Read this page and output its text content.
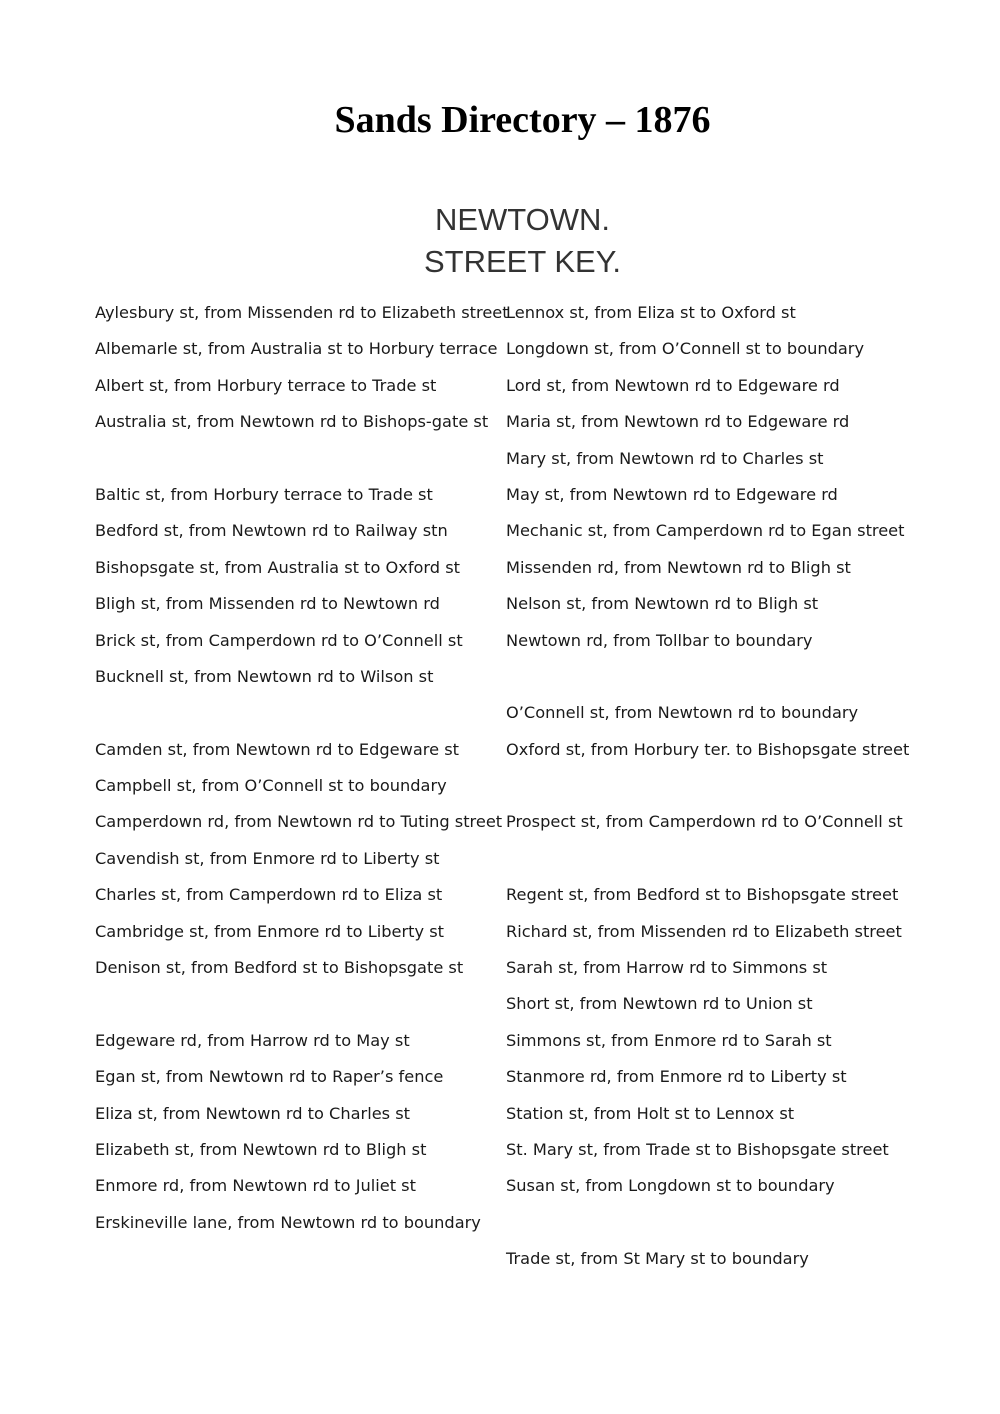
Sands Directory – 1876
NEWTOWN.
STREET KEY.
Aylesbury st, from Missenden rd to Elizabeth street
Albemarle st, from Australia st to Horbury terrace
Albert st, from Horbury terrace to Trade st
Australia st, from Newtown rd to Bishops-gate st
Baltic st, from Horbury terrace to Trade st
Bedford st, from Newtown rd to Railway stn
Bishopsgate st, from Australia st to Oxford st
Bligh st, from Missenden rd to Newtown rd
Brick st, from Camperdown rd to O’Connell st
Bucknell st, from Newtown rd to Wilson st
Camden st, from Newtown rd to Edgeware st
Campbell st, from O’Connell st to boundary
Camperdown rd, from Newtown rd to Tuting street
Cavendish st, from Enmore rd to Liberty st
Charles st, from Camperdown rd to Eliza st
Cambridge st, from Enmore rd to Liberty st
Denison st, from Bedford st to Bishopsgate st
Edgeware rd, from Harrow rd to May st
Egan st, from Newtown rd to Raper’s fence
Eliza st, from Newtown rd to Charles st
Elizabeth st, from Newtown rd to Bligh st
Enmore rd, from Newtown rd to Juliet st
Erskineville lane, from Newtown rd to boundary
Lennox st, from Eliza st to Oxford st
Longdown st, from O’Connell st to boundary
Lord st, from Newtown rd to Edgeware rd
Maria st, from Newtown rd to Edgeware rd
Mary st, from Newtown rd to Charles st
May st, from Newtown rd to Edgeware rd
Mechanic st, from Camperdown rd to Egan street
Missenden rd, from Newtown rd to Bligh st
Nelson st, from Newtown rd to Bligh st
Newtown rd, from Tollbar to boundary
O’Connell st, from Newtown rd to boundary
Oxford st, from Horbury ter. to Bishopsgate street
Prospect st, from Camperdown rd to O’Connell st
Regent st, from Bedford st to Bishopsgate street
Richard st, from Missenden rd to Elizabeth street
Sarah st, from Harrow rd to Simmons st
Short st, from Newtown rd to Union st
Simmons st, from Enmore rd to Sarah st
Stanmore rd, from Enmore rd to Liberty st
Station st, from Holt st to Lennox st
St. Mary st, from Trade st to Bishopsgate street
Susan st, from Longdown st to boundary
Trade st, from St Mary st to boundary
